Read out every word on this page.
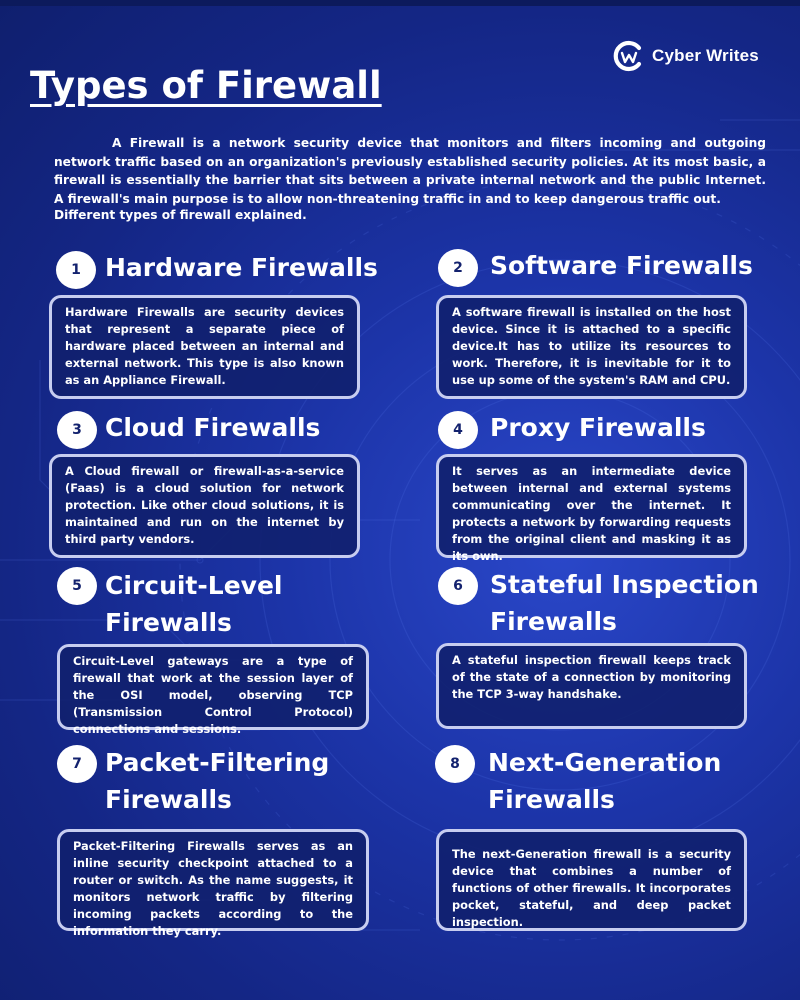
Cyber Writes
Types of Firewall

A Firewall is a network security device that monitors and filters incoming and outgoing network traffic based on an organization's previously established security policies. At its most basic, a firewall is essentially the barrier that sits between a private internal network and the public Internet. A firewall's main purpose is to allow non-threatening traffic in and to keep dangerous traffic out.

Different types of firewall explained.

1 Hardware Firewalls

Hardware Firewalls are security devices that represent a separate piece of hardware placed between an internal and external network. This type is also known as an Appliance Firewall.

2	Software Firewalls

A software firewall is installed on the host device. Since it is attached to a specific device.It has to utilize its resources to work. Therefore, it is inevitable for it to use up some of the system's RAM and CPU.

3 Cloud Firewalls

A Cloud firewall or firewall-as-a-service (Faas) is a cloud solution for network protection. Like other cloud solutions, it is maintained and run on the internet by third party vendors.

4	Proxy Firewalls

It serves as an intermediate device between internal and external systems communicating over the internet. It protects a network by forwarding requests from the original client and masking it as its own.

5 Circuit-Level
Firewalls

Circuit-Level gateways are a type of firewall that work at the session layer of the OSI model, observing TCP (Transmission Control Protocol) connections and sessions.

6	Stateful Inspection
Firewalls

A stateful inspection firewall keeps track of the state of a connection by monitoring the TCP 3-way handshake.

7 Packet-Filtering
Firewalls

Packet-Filtering Firewalls serves as an inline security checkpoint attached to a router or switch. As the name suggests, it monitors network traffic by filtering incoming packets according to the information they carry.

8	Next-Generation
Firewalls

The next-Generation firewall is a security device that combines a number of functions of other firewalls. It incorporates pocket, stateful, and deep packet inspection.
